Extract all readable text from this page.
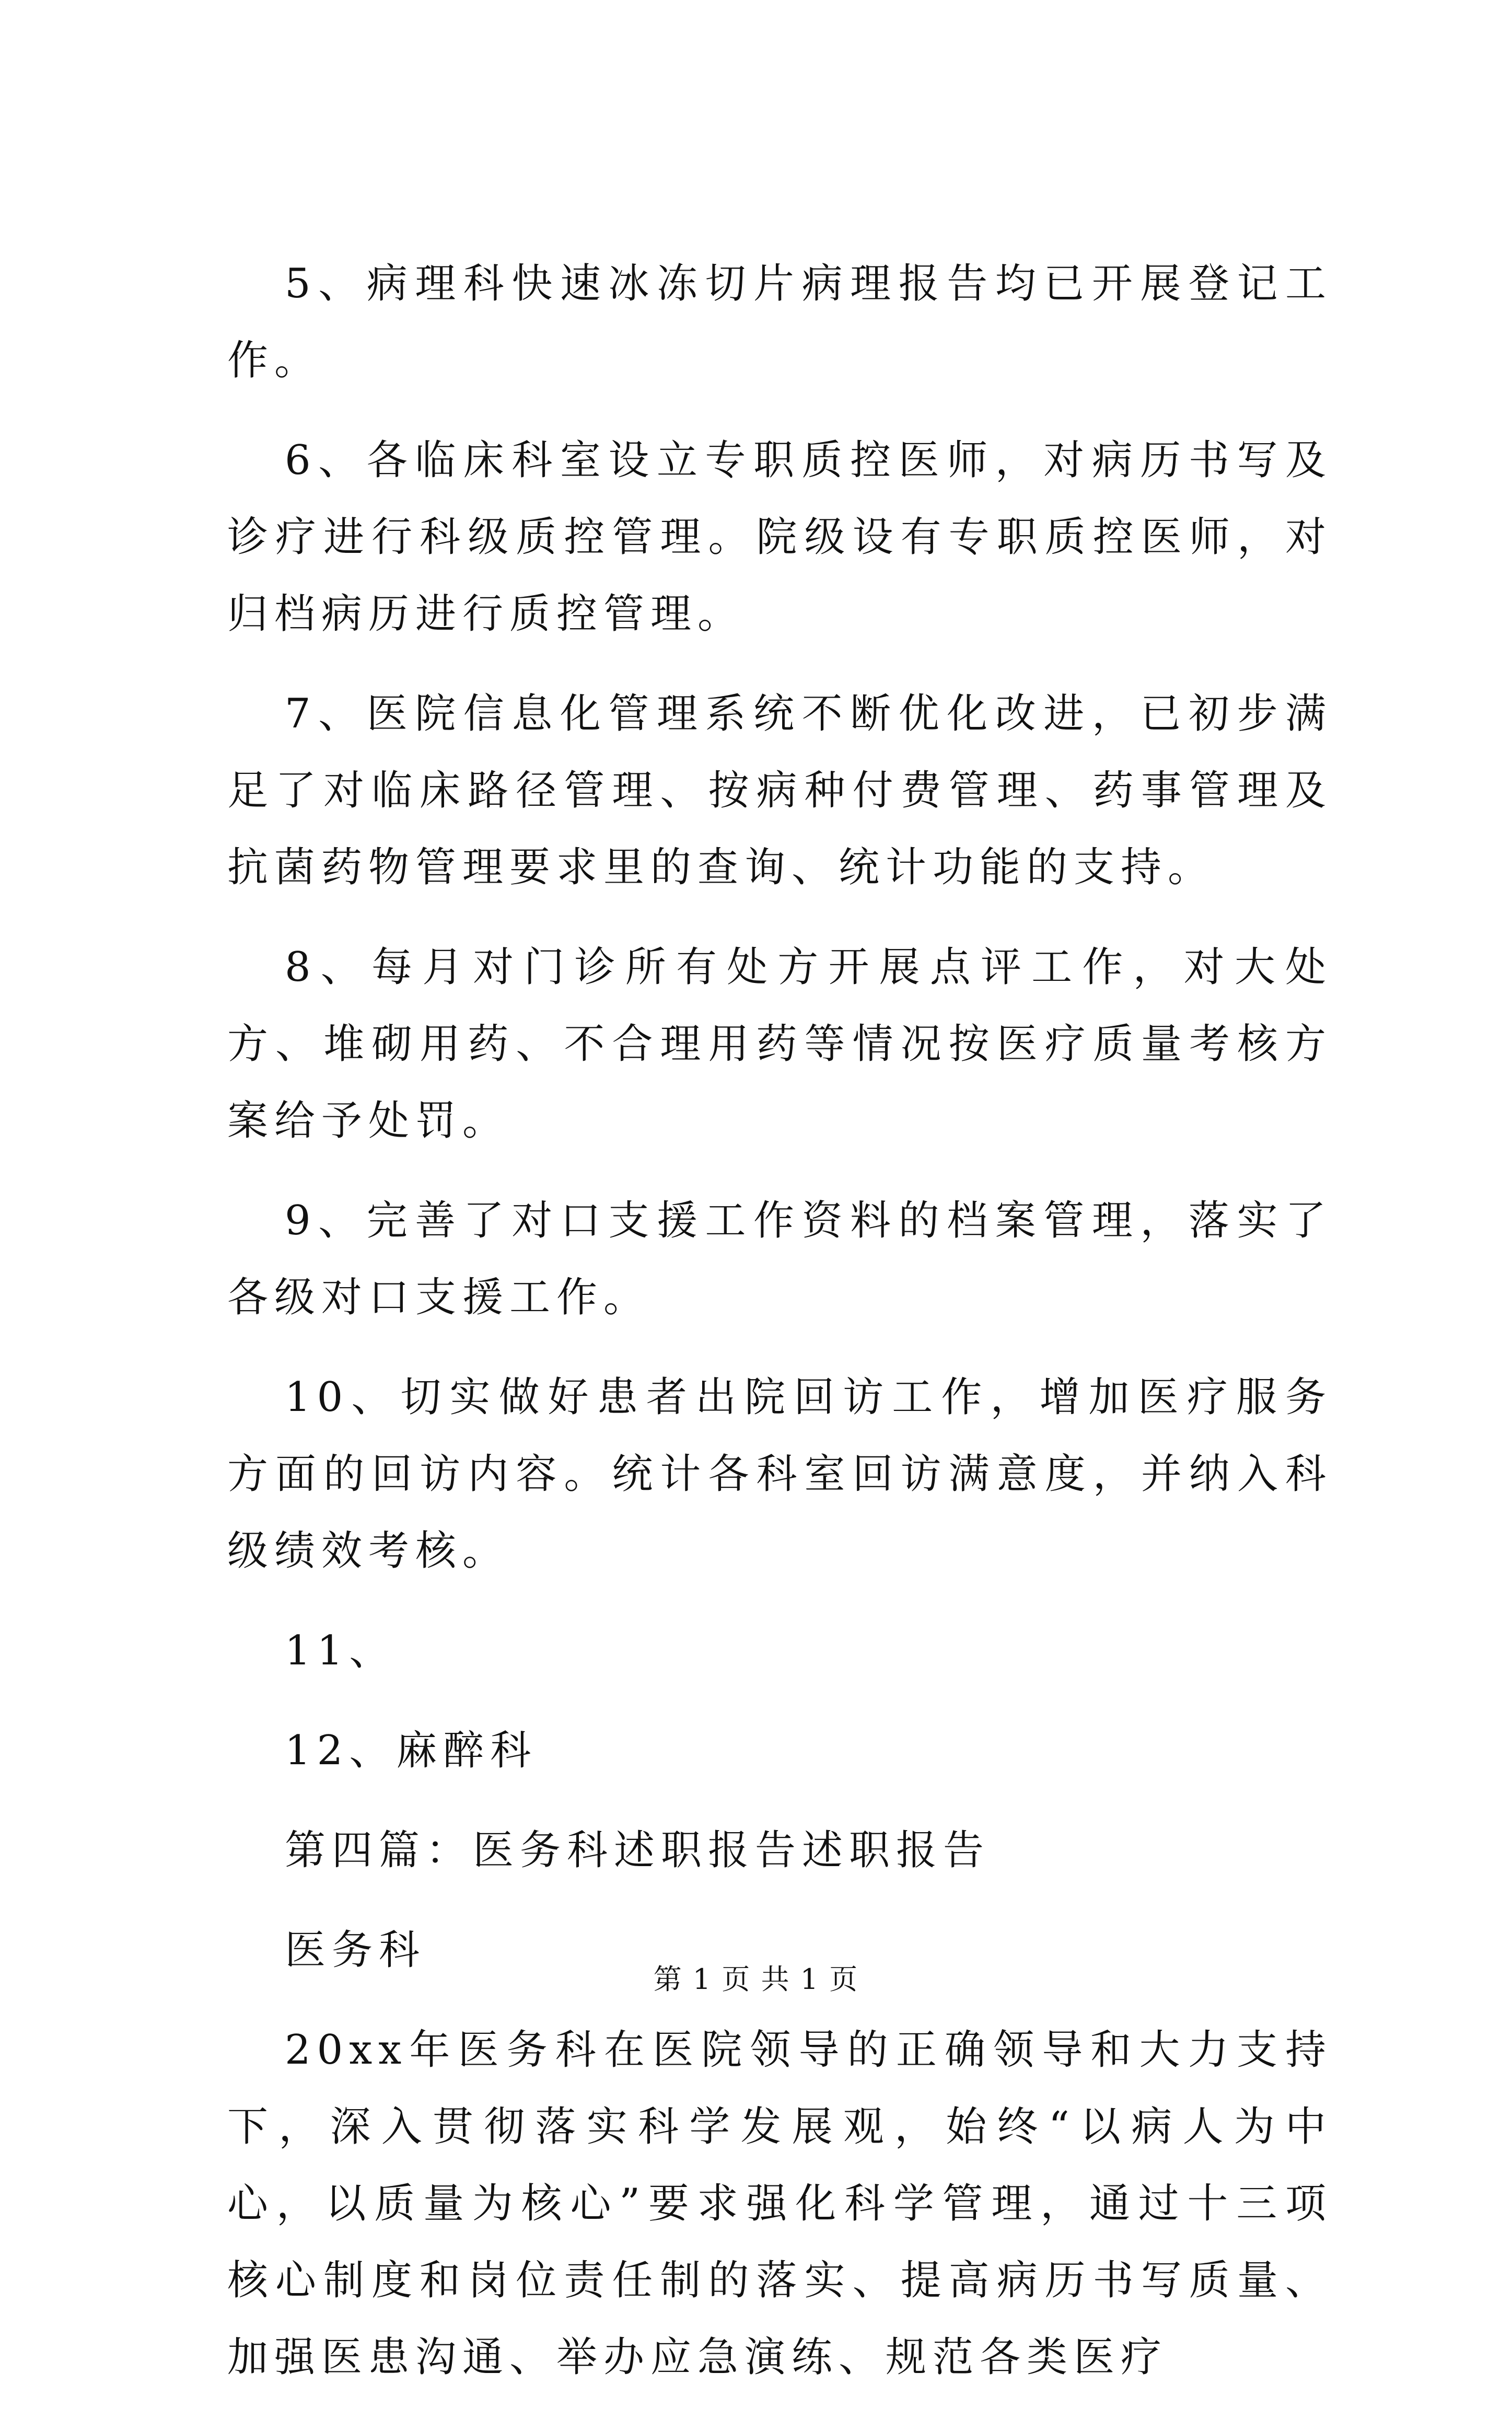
5、病理科快速冰冻切片病理报告均已开展登记工作。

6、各临床科室设立专职质控医师，对病历书写及诊疗进行科级质控管理。院级设有专职质控医师，对归档病历进行质控管理。

7、医院信息化管理系统不断优化改进，已初步满足了对临床路径管理、按病种付费管理、药事管理及抗菌药物管理要求里的查询、统计功能的支持。

8、每月对门诊所有处方开展点评工作，对大处方、堆砌用药、不合理用药等情况按医疗质量考核方案给予处罚。

9、完善了对口支援工作资料的档案管理，落实了各级对口支援工作。

10、切实做好患者出院回访工作，增加医疗服务方面的回访内容。统计各科室回访满意度，并纳入科级绩效考核。

11、

12、麻醉科

第四篇：医务科述职报告述职报告

医务科

20xx年医务科在医院领导的正确领导和大力支持下，深入贯彻落实科学发展观，始终“以病人为中心，以质量为核心”要求强化科学管理，通过十三项核心制度和岗位责任制的落实、提高病历书写质量、加强医患沟通、举办应急演练、规范各类医疗

第 1 页 共 1 页
